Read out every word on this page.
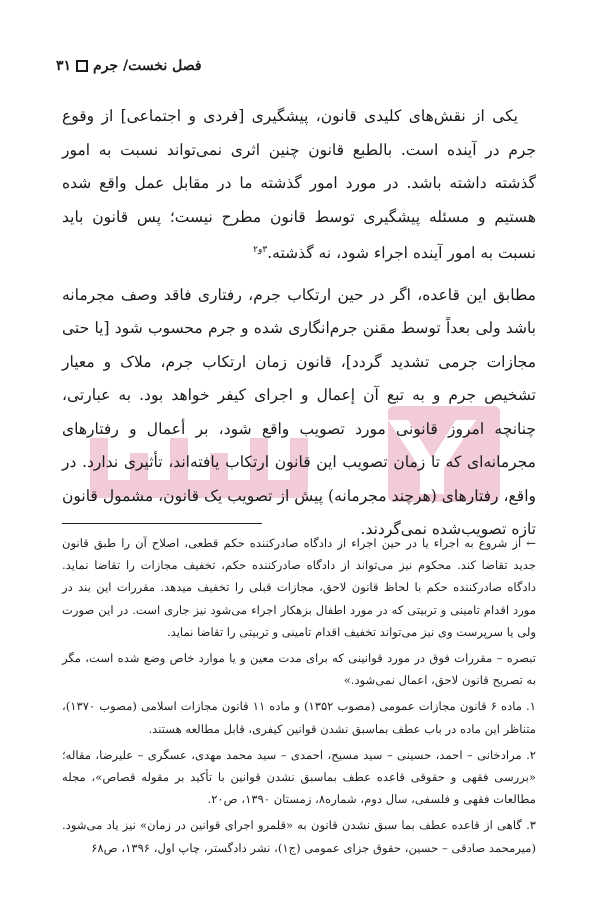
فصل نخست/ جرم
۳۱

یکی از نقش‌های کلیدی قانون، پیشگیری [فردی و اجتماعی] از وقوع جرم در آینده است. بالطبع قانون چنین اثری نمی‌تواند نسبت به امور گذشته داشته باشد. در مورد امور گذشته ما در مقابل عمل واقع شده هستیم و مسئله پیشگیری توسط قانون مطرح نیست؛ پس قانون باید نسبت به امور آینده اجراء شود، نه گذشته.$^{۳و۲}$

مطابق این قاعده، اگر در حین ارتکاب جرم، رفتاری فاقد وصف مجرمانه باشد ولی بعداً توسط مقنن جرم‌انگاری شده و جرم محسوب شود [یا حتی مجازات جرمی تشدید گردد]، قانون زمان ارتکاب جرم، ملاک و معیار تشخیص جرم و به تبع آن إعمال و اجرای کیفر خواهد بود. به عبارتی، چنانچه امروز قانونی مورد تصویب واقع شود، بر أعمال و رفتارهای مجرمانه‌ای که تا زمان تصویب این قانون ارتکاب یافته‌اند، تأثیری ندارد. در واقع، رفتارهای (هرچند مجرمانه) پیش از تصویب یک قانون، مشمول قانون تازه تصویب‌شده نمی‌گردند.

← از شروع به اجراء یا در حین اجراء از دادگاه صادرکننده حکم قطعی، اصلاح آن را طبق قانون جدید تقاضا کند. محکوم نیز می‌تواند از دادگاه صادرکننده حکم، تخفیف مجازات را تقاضا نماید. دادگاه صادرکننده حکم با لحاظ قانون لاحق، مجازات قبلی را تخفیف میدهد. مقررات این بند در مورد اقدام تامینی و تربیتی که در مورد اطفال بزهکار اجراء می‌شود نیز جاری است. در این صورت ولی یا سرپرست وی نیز می‌تواند تخفیف اقدام تامینی و تربیتی را تقاضا نماید.

تبصره – مقررات فوق در مورد قوانینی که برای مدت معین و یا موارد خاص وضع شده است، مگر به تصریح قانون لاحق، اعمال نمی‌شود.»

۱. ماده ۶ قانون مجازات عمومی (مصوب ۱۳۵۲) و ماده ۱۱ قانون مجازات اسلامی (مصوب ۱۳۷۰)، متناظر این ماده در باب عطف بماسبق نشدن قوانین کیفری، قابل مطالعه هستند.

۲. مرادخانی – احمد، حسینی – سید مسیح، احمدی – سید محمد مهدی، عسگری – علیرضا، مقاله؛ «بررسی فقهی و حقوقی قاعده عطف بماسبق نشدن قوانین با تأکید بر مقوله قصاص»، مجله مطالعات فقهی و فلسفی، سال دوم، شماره۸، زمستان ۱۳۹۰، ص۲۰.

۳. گاهی از قاعده عطف بما سبق نشدن قانون به «قلمرو اجرای قوانین در زمان» نیز یاد می‌شود. (میرمحمد صادقی – حسین، حقوق جزای عمومی (ج۱)، نشر دادگستر، چاپ اول، ۱۳۹۶، ص۶۸
